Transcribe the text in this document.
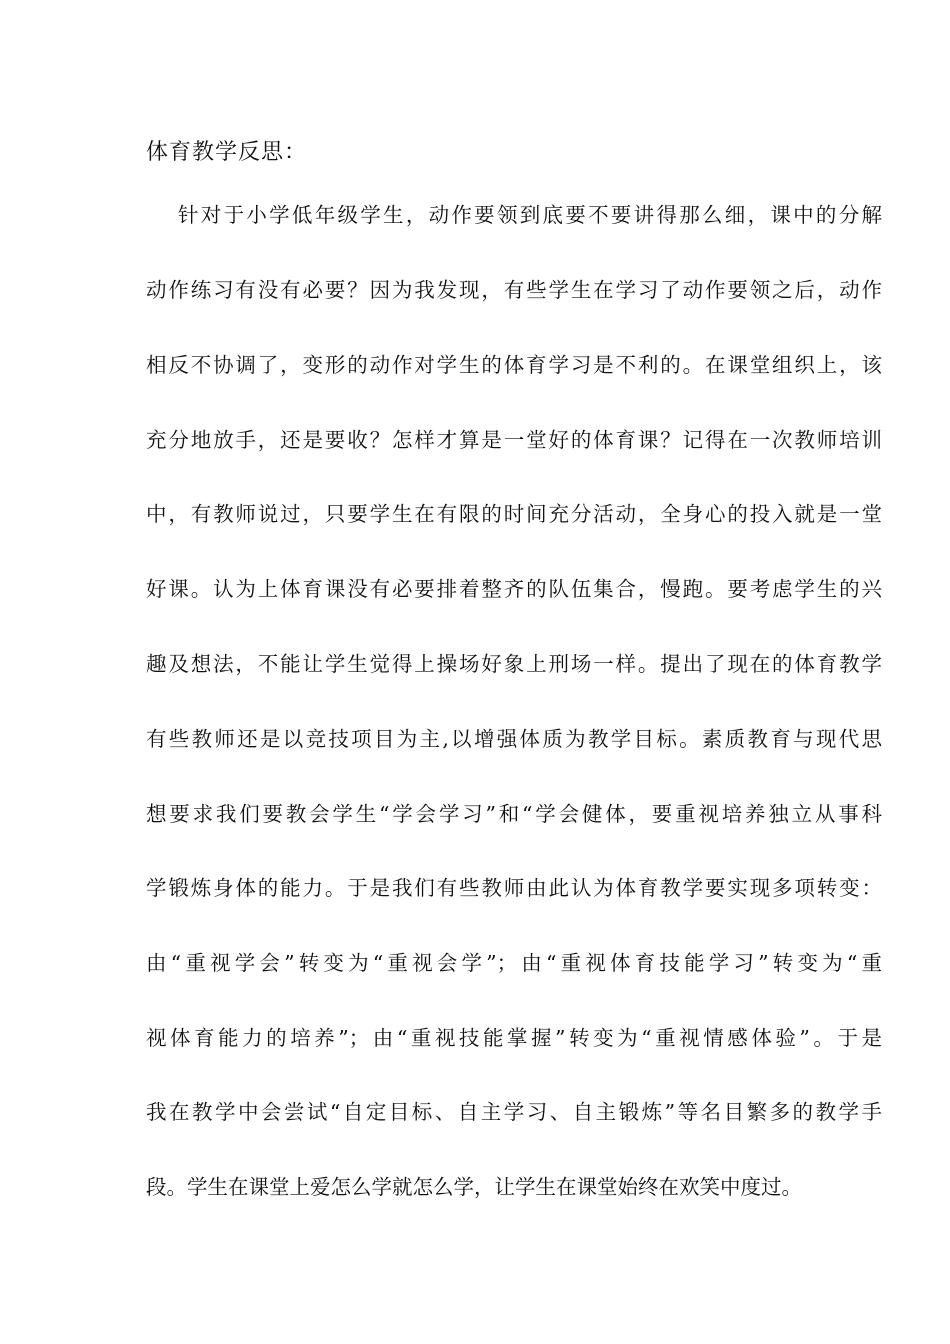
体育教学反思：
针对于小学低年级学生，动作要领到底要不要讲得那么细，课中的分解
动作练习有没有必要？因为我发现，有些学生在学习了动作要领之后，动作
相反不协调了，变形的动作对学生的体育学习是不利的。在课堂组织上，该
充分地放手，还是要收？怎样才算是一堂好的体育课？记得在一次教师培训
中，有教师说过，只要学生在有限的时间充分活动，全身心的投入就是一堂
好课。认为上体育课没有必要排着整齐的队伍集合，慢跑。要考虑学生的兴
趣及想法，不能让学生觉得上操场好象上刑场一样。提出了现在的体育教学
有些教师还是以竞技项目为主,以增强体质为教学目标。素质教育与现代思
想要求我们要教会学生“学会学习”和“学会健体，要重视培养独立从事科
学锻炼身体的能力。于是我们有些教师由此认为体育教学要实现多项转变：
由“重视学会”转变为“重视会学”；由“重视体育技能学习”转变为“重
视体育能力的培养”；由“重视技能掌握”转变为“重视情感体验”。于是
我在教学中会尝试“自定目标、自主学习、自主锻炼”等名目繁多的教学手
段。学生在课堂上爱怎么学就怎么学，让学生在课堂始终在欢笑中度过。
